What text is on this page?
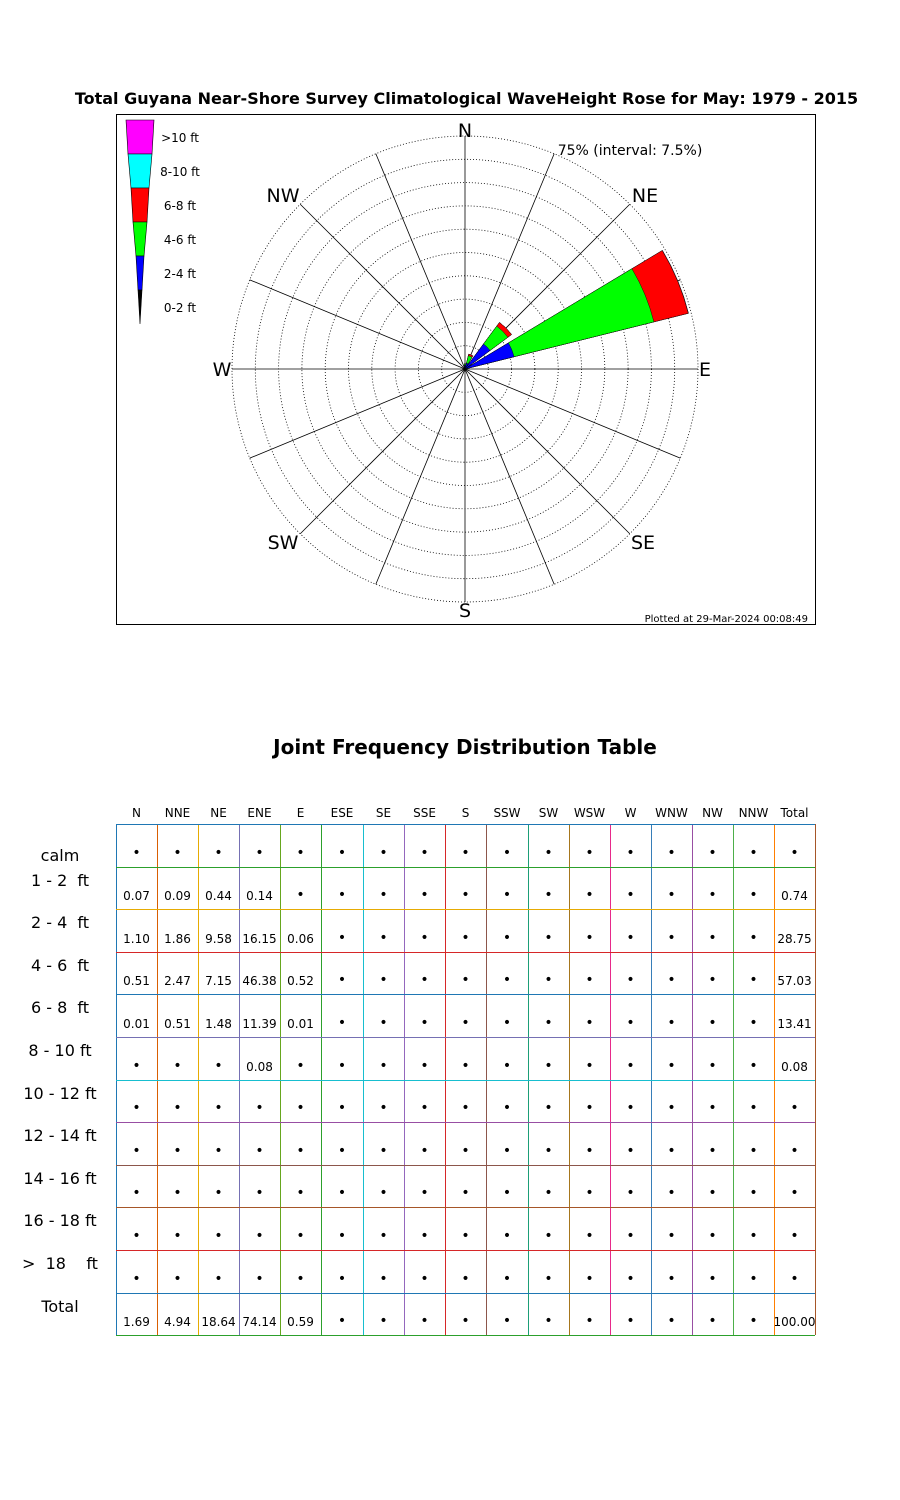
Total Guyana Near-Shore Survey Climatological WaveHeight Rose for May: 1979 - 2015
N
NE
E
SE
S
SW
W
NW
>10 ft
8-10 ft
6-8 ft
4-6 ft
2-4 ft
0-2 ft
75% (interval: 7.5%)
Plotted at 29-Mar-2024 00:08:49
Joint Frequency Distribution Table
N	NNE	NE	ENE	E	ESE	SE	SSE	S	SSW	SW	WSW	W	WNW	NW	NNW	Total
calm	•	•	•	•	•	•	•	•	•	•	•	•	•	•	•	•	•
1 - 2  ft
0.07	0.09	0.44	0.14	•	•	•	•	•	•	•	•	•	•	•	•	0.74
2 - 4  ft
1.10	1.86	9.58 16.15 0.06	•	•	•	•	•	•	•	•	•	•	•	28.75
4 - 6  ft
0.51	2.47	7.15 46.38 0.52	•	•	•	•	•	•	•	•	•	•	•	57.03
6 - 8  ft
0.01	0.51	1.48 11.39 0.01	•	•	•	•	•	•	•	•	•	•	•	13.41
8 - 10 ft
•	•	•	0.08	•	•	•	•	•	•	•	•	•	•	•	•	0.08
10 - 12 ft
•	•	•	•	•	•	•	•	•	•	•	•	•	•	•	•	•
12 - 14 ft
•	•	•	•	•	•	•	•	•	•	•	•	•	•	•	•	•
14 - 16 ft
•	•	•	•	•	•	•	•	•	•	•	•	•	•	•	•	•
16 - 18 ft
•	•	•	•	•	•	•	•	•	•	•	•	•	•	•	•	•
>  18    ft
•	•	•	•	•	•	•	•	•	•	•	•	•	•	•	•	•
Total
1.69	4.94 18.64 74.14 0.59	•	•	•	•	•	•	•	•	•	•	•	100.00
